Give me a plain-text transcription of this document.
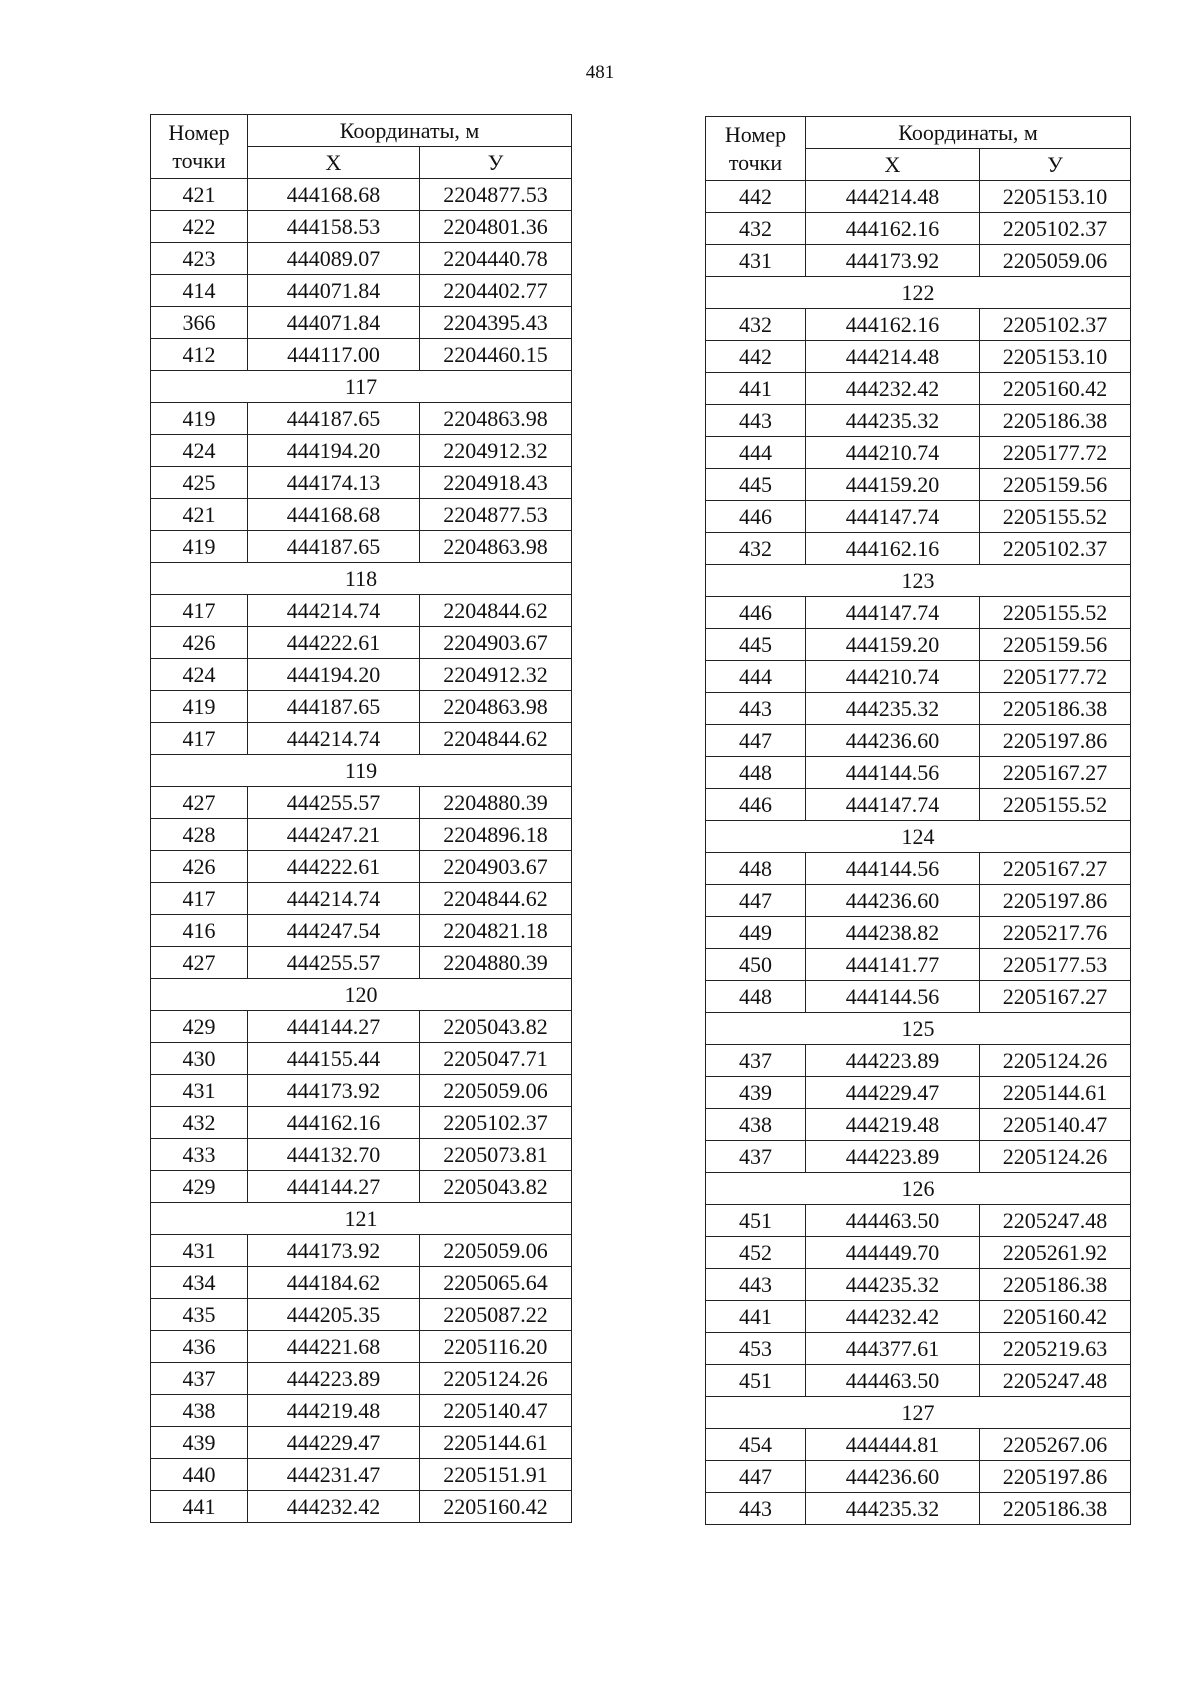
481
Номер точки	Координаты, м	
	X	У
421	444168.68	2204877.53
422	444158.53	2204801.36
423	444089.07	2204440.78
414	444071.84	2204402.77
366	444071.84	2204395.43
412	444117.00	2204460.15
117		
419	444187.65	2204863.98
424	444194.20	2204912.32
425	444174.13	2204918.43
421	444168.68	2204877.53
419	444187.65	2204863.98
118		
417	444214.74	2204844.62
426	444222.61	2204903.67
424	444194.20	2204912.32
419	444187.65	2204863.98
417	444214.74	2204844.62
119		
427	444255.57	2204880.39
428	444247.21	2204896.18
426	444222.61	2204903.67
417	444214.74	2204844.62
416	444247.54	2204821.18
427	444255.57	2204880.39
120		
429	444144.27	2205043.82
430	444155.44	2205047.71
431	444173.92	2205059.06
432	444162.16	2205102.37
433	444132.70	2205073.81
429	444144.27	2205043.82
121		
431	444173.92	2205059.06
434	444184.62	2205065.64
435	444205.35	2205087.22
436	444221.68	2205116.20
437	444223.89	2205124.26
438	444219.48	2205140.47
439	444229.47	2205144.61
440	444231.47	2205151.91
441	444232.42	2205160.42
Номер точки	Координаты, м	
	X	У
442	444214.48	2205153.10
432	444162.16	2205102.37
431	444173.92	2205059.06
122		
432	444162.16	2205102.37
442	444214.48	2205153.10
441	444232.42	2205160.42
443	444235.32	2205186.38
444	444210.74	2205177.72
445	444159.20	2205159.56
446	444147.74	2205155.52
432	444162.16	2205102.37
123		
446	444147.74	2205155.52
445	444159.20	2205159.56
444	444210.74	2205177.72
443	444235.32	2205186.38
447	444236.60	2205197.86
448	444144.56	2205167.27
446	444147.74	2205155.52
124		
448	444144.56	2205167.27
447	444236.60	2205197.86
449	444238.82	2205217.76
450	444141.77	2205177.53
448	444144.56	2205167.27
125		
437	444223.89	2205124.26
439	444229.47	2205144.61
438	444219.48	2205140.47
437	444223.89	2205124.26
126		
451	444463.50	2205247.48
452	444449.70	2205261.92
443	444235.32	2205186.38
441	444232.42	2205160.42
453	444377.61	2205219.63
451	444463.50	2205247.48
127		
454	444444.81	2205267.06
447	444236.60	2205197.86
443	444235.32	2205186.38
